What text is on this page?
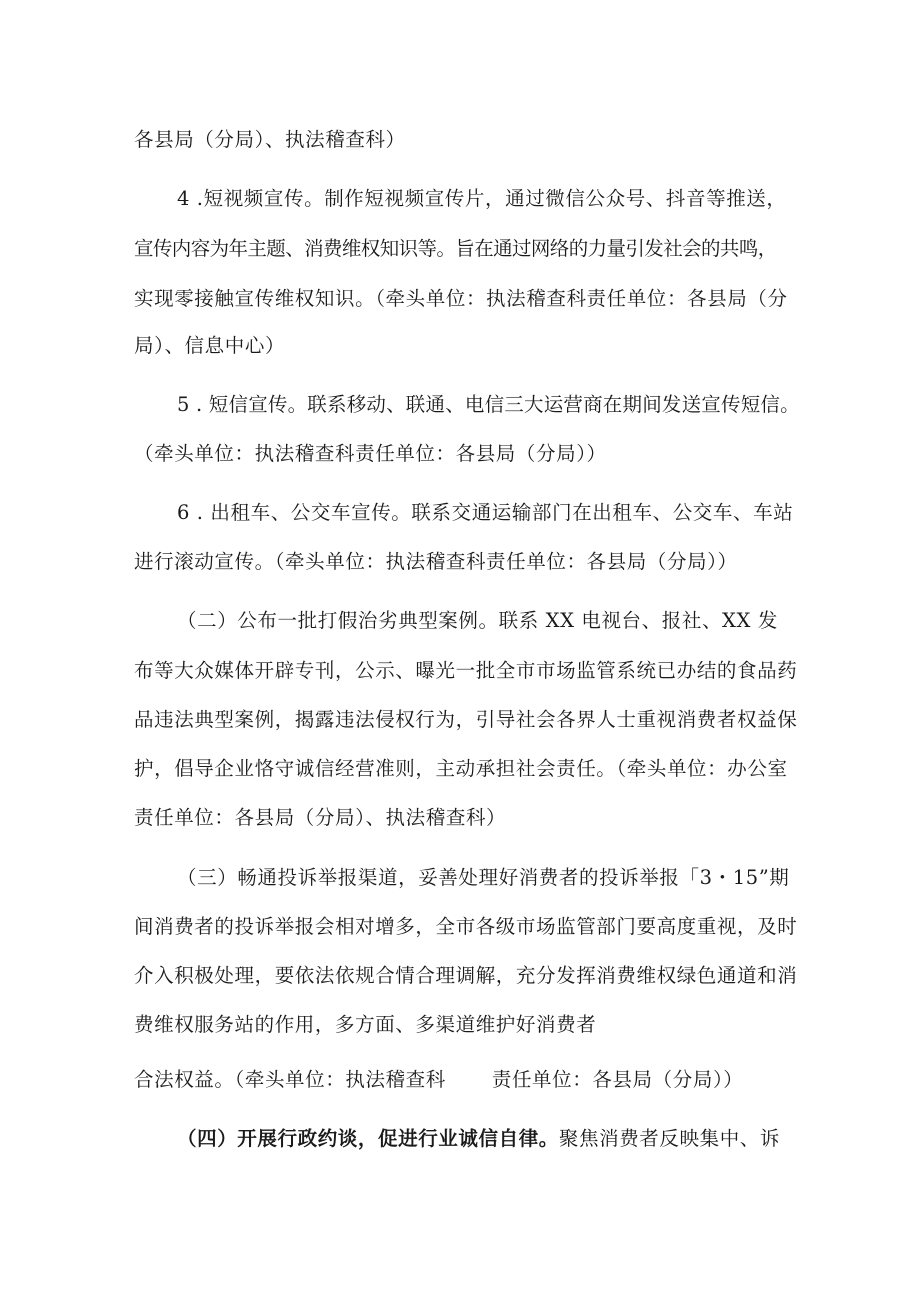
各县局（分局）、执法稽查科）
4 .短视频宣传。制作短视频宣传片，通过微信公众号、抖音等推送，
宣传内容为年主题、消费维权知识等。旨在通过网络的力量引发社会的共鸣，
实现零接触宣传维权知识。（牵头单位：执法稽查科责任单位：各县局（分
局）、信息中心）
5 . 短信宣传。联系移动、联通、电信三大运营商在期间发送宣传短信。
（牵头单位：执法稽查科责任单位：各县局（分局））
6 . 出租车、公交车宣传。联系交通运输部门在出租车、公交车、车站
进行滚动宣传。（牵头单位：执法稽查科责任单位：各县局（分局））
（二）公布一批打假治劣典型案例。联系 XX 电视台、报社、XX 发
布等大众媒体开辟专刊，公示、曝光一批全市市场监管系统已办结的食品药
品违法典型案例，揭露违法侵权行为，引导社会各界人士重视消费者权益保
护，倡导企业恪守诚信经营准则，主动承担社会责任。（牵头单位：办公室
责任单位：各县局（分局）、执法稽查科）
（三）畅通投诉举报渠道，妥善处理好消费者的投诉举报「3・15”期
间消费者的投诉举报会相对增多，全市各级市场监管部门要高度重视，及时
介入积极处理，要依法依规合情合理调解，充分发挥消费维权绿色通道和消
费维权服务站的作用，多方面、多渠道维护好消费者
合法权益。（牵头单位：执法稽查科 责任单位：各县局（分局））
（四）开展行政约谈，促进行业诚信自律。聚焦消费者反映集中、诉
